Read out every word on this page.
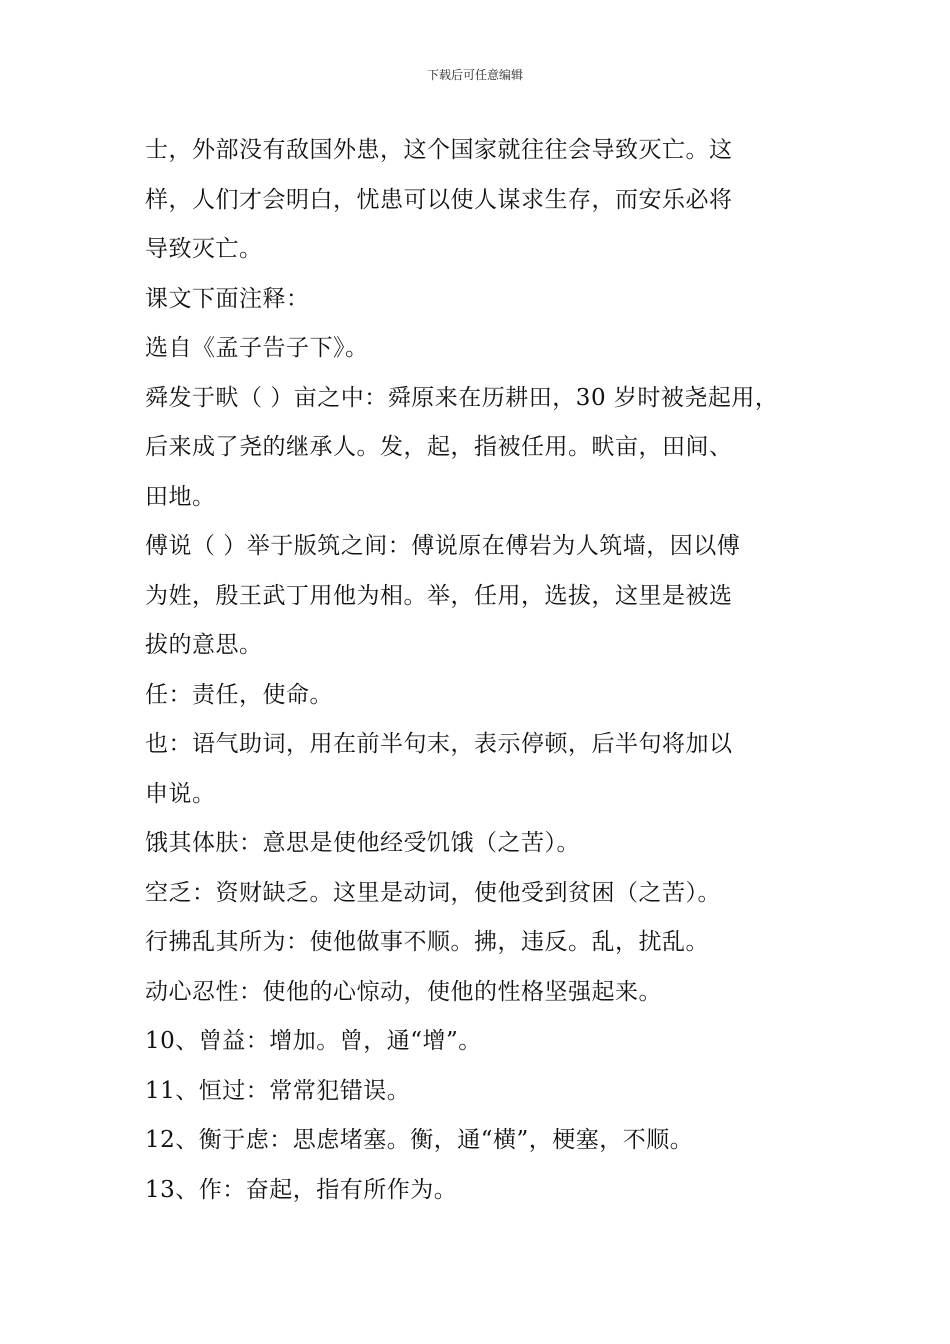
下载后可任意编辑
士，外部没有敌国外患，这个国家就往往会导致灭亡。这
样，人们才会明白，忧患可以使人谋求生存，而安乐必将
导致灭亡。
课文下面注释：
选自《孟子告子下》。
舜发于畎（ ）亩之中：舜原来在历耕田，30 岁时被尧起用，
后来成了尧的继承人。发，起，指被任用。畎亩，田间、
田地。
傅说（ ）举于版筑之间：傅说原在傅岩为人筑墙，因以傅
为姓，殷王武丁用他为相。举，任用，选拔，这里是被选
拔的意思。
任：责任，使命。
也：语气助词，用在前半句末，表示停顿，后半句将加以
申说。
饿其体肤：意思是使他经受饥饿（之苦）。
空乏：资财缺乏。这里是动词，使他受到贫困（之苦）。
行拂乱其所为：使他做事不顺。拂，违反。乱，扰乱。
动心忍性：使他的心惊动，使他的性格坚强起来。
10、曾益：增加。曾，通“增”。
11、恒过：常常犯错误。
12、衡于虑：思虑堵塞。衡，通“横”，梗塞，不顺。
13、作：奋起，指有所作为。
